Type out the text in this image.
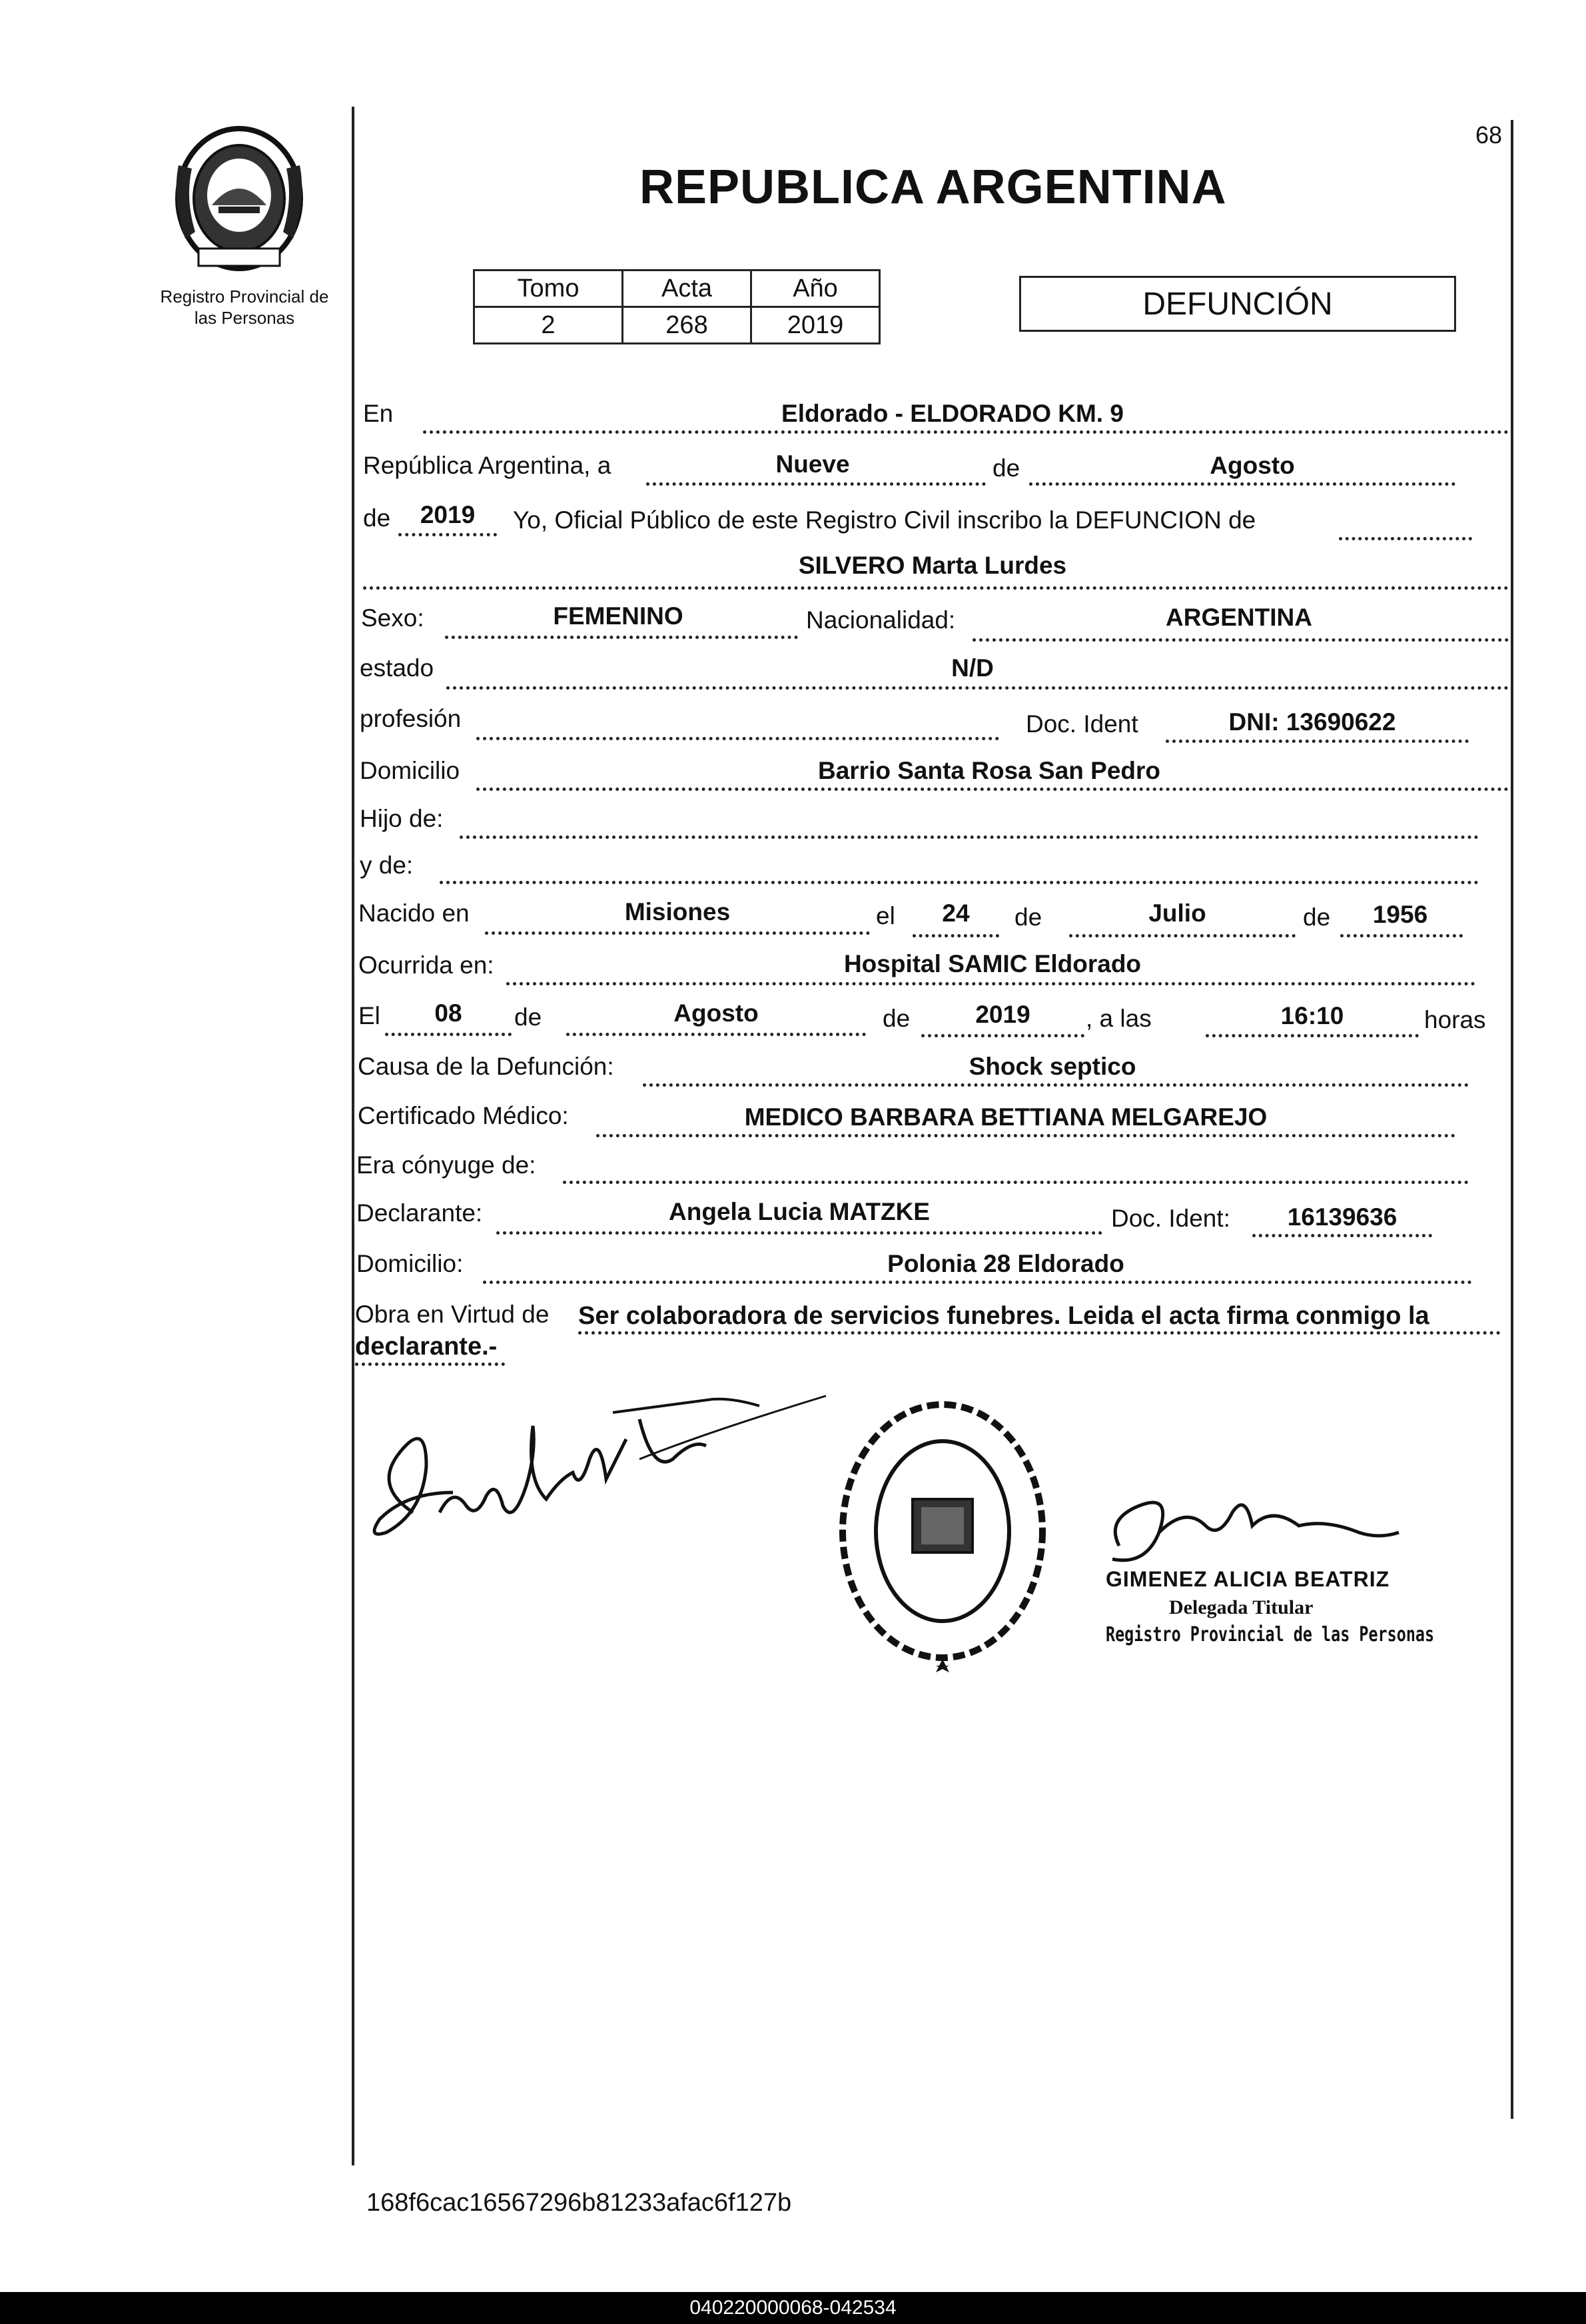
68
Registro Provincial de
las Personas
REPUBLICA ARGENTINA
Tomo	Acta	Año
2	268	2019
DEFUNCIÓN
En	Eldorado - ELDORADO KM. 9
República Argentina, a	Nueve	de	Agosto
de	2019	Yo, Oficial Público de este Registro Civil inscribo la DEFUNCION de
SILVERO Marta Lurdes
Sexo:	FEMENINO	Nacionalidad:	ARGENTINA
estado	N/D
profesión	Doc. Ident	DNI: 13690622
Domicilio	Barrio Santa Rosa San Pedro
Hijo de:
y de:
Nacido en	Misiones	el	24	de	Julio	de	1956
Ocurrida en:	Hospital SAMIC Eldorado
El	08	de	Agosto	de	2019	, a las	16:10	horas
Causa de la Defunción:	Shock septico
Certificado Médico:	MEDICO BARBARA BETTIANA MELGAREJO
Era cónyuge de:
Declarante:	Angela Lucia MATZKE	Doc. Ident:	16139636
Domicilio:	Polonia 28 Eldorado
Obra en Virtud de Ser colaboradora de servicios funebres. Leida el acta firma conmigo la
declarante.-
GIMENEZ ALICIA BEATRIZ
Delegada Titular
Registro Provincial de las Personas
168f6cac16567296b81233afac6f127b
040220000068-042534
